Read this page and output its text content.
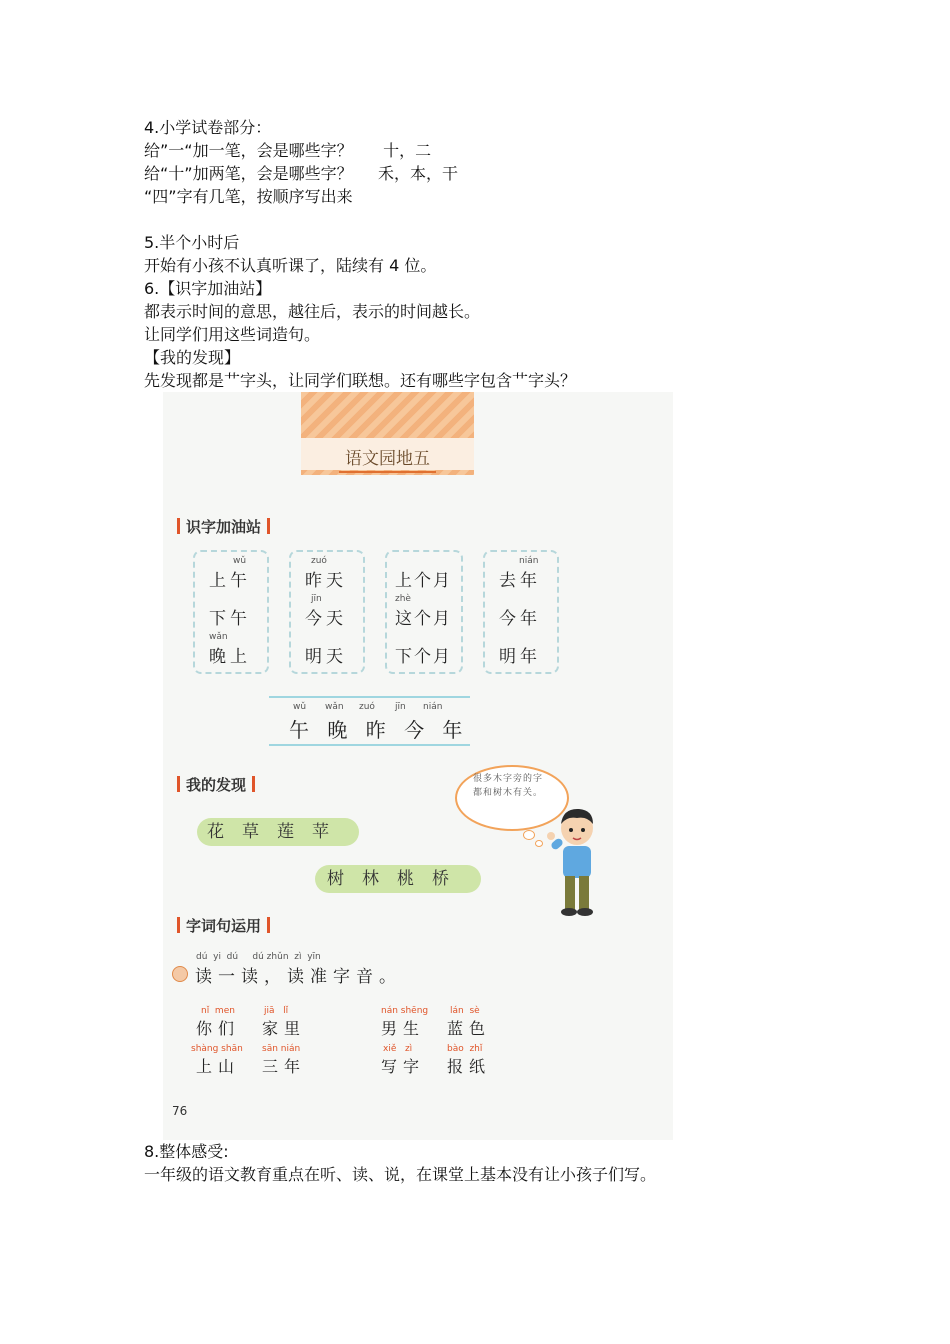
4.小学试卷部分：
给”一“加一笔，会是哪些字？      十，二
给“十”加两笔，会是哪些字？     禾，本，干
“四”字有几笔，按顺序写出来
5.半个小时后
开始有小孩不认真听课了，陆续有 4 位。
6.【识字加油站】
都表示时间的意思，越往后，表示的时间越长。
让同学们用这些词造句。
【我的发现】
先发现都是艹字头，让同学们联想。还有哪些字包含艹字头？
语文园地五
识字加油站
wǔ
上午
下午
wǎn
晚上
zuó
昨天
jīn
今天
明天
上个月
zhè
这个月
下个月
nián
去年
今年
明年
wǔ wǎn zuó jīn nián
午 晚 昨 今 年
我的发现
花草莲苹
树林桃桥
很多木字旁的字都和树木有关。
字词句运用
dú  yi  dú     dú zhǔn  zì  yīn
读一读，读准字音。
nǐ  men
你们
jiā   lǐ
家里
nán shēng
男生
lán  sè
蓝色
shàng shān
上山
sān nián
三年
xiě   zì
写字
bào  zhǐ
报纸
76
8.整体感受:
一年级的语文教育重点在听、读、说，在课堂上基本没有让小孩子们写。
